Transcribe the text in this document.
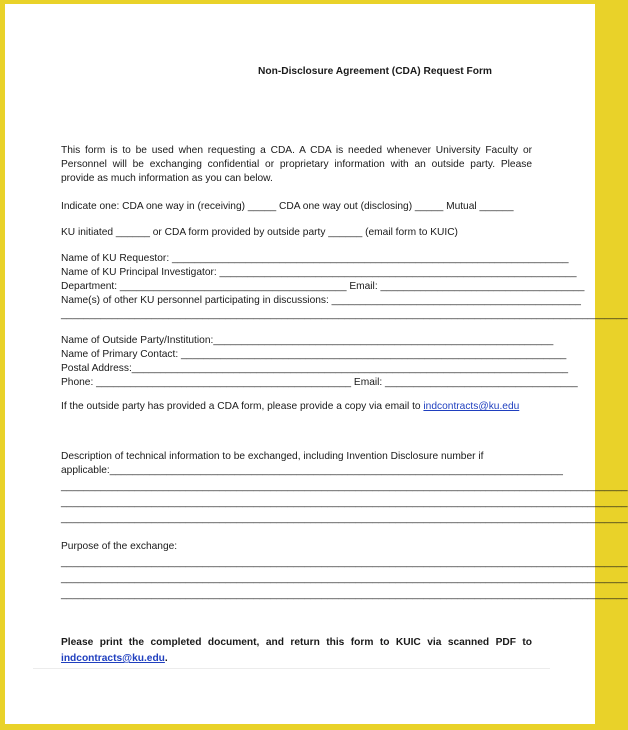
Non-Disclosure Agreement (CDA) Request Form
This form is to be used when requesting a CDA. A CDA is needed whenever University Faculty or
Personnel will be exchanging confidential or proprietary information with an outside party. Please
provide as much information as you can below.
Indicate one: CDA one way in (receiving) _____ CDA one way out (disclosing) _____ Mutual ______
KU initiated ______ or CDA form provided by outside party ______ (email form to KUIC)
Name of KU Requestor: ______________________________________________________________________
Name of KU Principal Investigator: _______________________________________________________________
Department: ________________________________________ Email: ____________________________________
Name(s) of other KU personnel participating in discussions: ____________________________________________
____________________________________________________________________________________________________
Name of Outside Party/Institution:____________________________________________________________
Name of Primary Contact: ____________________________________________________________________
Postal Address:_____________________________________________________________________________
Phone: _____________________________________________ Email: __________________________________
If the outside party has provided a CDA form, please provide a copy via email to indcontracts@ku.edu
Description of technical information to be exchanged, including Invention Disclosure number if
applicable:________________________________________________________________________________
____________________________________________________________________________________________________
____________________________________________________________________________________________________
____________________________________________________________________________________________________
Purpose of the exchange:
____________________________________________________________________________________________________
____________________________________________________________________________________________________
____________________________________________________________________________________________________
Please print the completed document, and return this form to KUIC via scanned PDF to
indcontracts@ku.edu.
